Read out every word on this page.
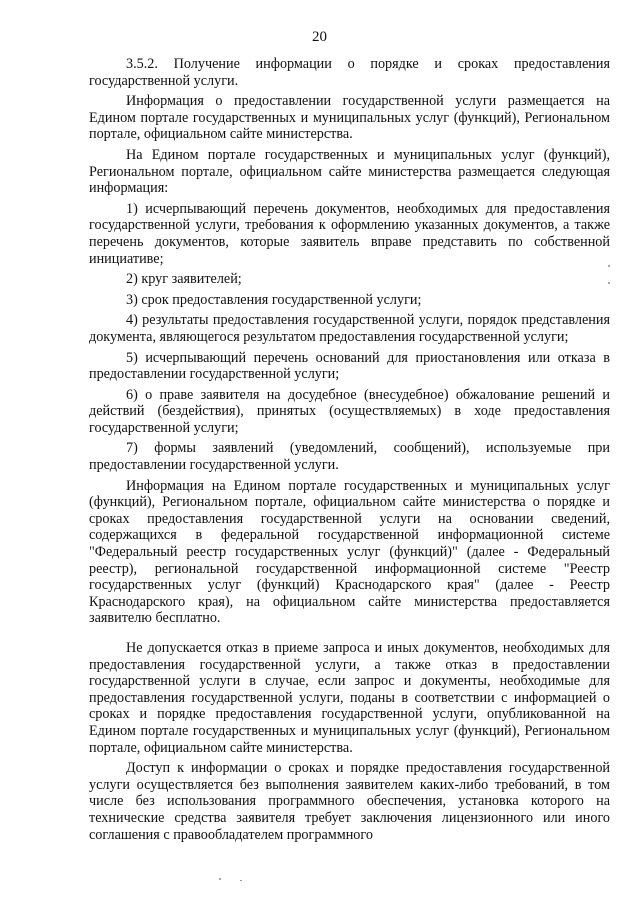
20

3.5.2. Получение информации о порядке и сроках предоставления государственной услуги.

Информация о предоставлении государственной услуги размещается на Едином портале государственных и муниципальных услуг (функций), Региональном портале, официальном сайте министерства.

На Едином портале государственных и муниципальных услуг (функций), Региональном портале, официальном сайте министерства размещается следующая информация:

1) исчерпывающий перечень документов, необходимых для предоставления государственной услуги, требования к оформлению указанных документов, а также перечень документов, которые заявитель вправе представить по собственной инициативе;

2) круг заявителей;

3) срок предоставления государственной услуги;

4) результаты предоставления государственной услуги, порядок представления документа, являющегося результатом предоставления государственной услуги;

5) исчерпывающий перечень оснований для приостановления или отказа в предоставлении государственной услуги;

6) о праве заявителя на досудебное (внесудебное) обжалование решений и действий (бездействия), принятых (осуществляемых) в ходе предоставления государственной услуги;

7) формы заявлений (уведомлений, сообщений), используемые при предоставлении государственной услуги.

Информация на Едином портале государственных и муниципальных услуг (функций), Региональном портале, официальном сайте министерства о порядке и сроках предоставления государственной услуги на основании сведений, содержащихся в федеральной государственной информационной системе "Федеральный реестр государственных услуг (функций)" (далее - Федеральный реестр), региональной государственной информационной системе "Реестр государственных услуг (функций) Краснодарского края" (далее - Реестр Краснодарского края), на официальном сайте министерства предоставляется заявителю бесплатно.

Не допускается отказ в приеме запроса и иных документов, необходимых для предоставления государственной услуги, а также отказ в предоставлении государственной услуги в случае, если запрос и документы, необходимые для предоставления государственной услуги, поданы в соответствии с информацией о сроках и порядке предоставления государственной услуги, опубликованной на Едином портале государственных и муниципальных услуг (функций), Региональном портале, официальном сайте министерства.

Доступ к информации о сроках и порядке предоставления государственной услуги осуществляется без выполнения заявителем каких-либо требований, в том числе без использования программного обеспечения, установка которого на технические средства заявителя требует заключения лицензионного или иного соглашения с правообладателем программного
